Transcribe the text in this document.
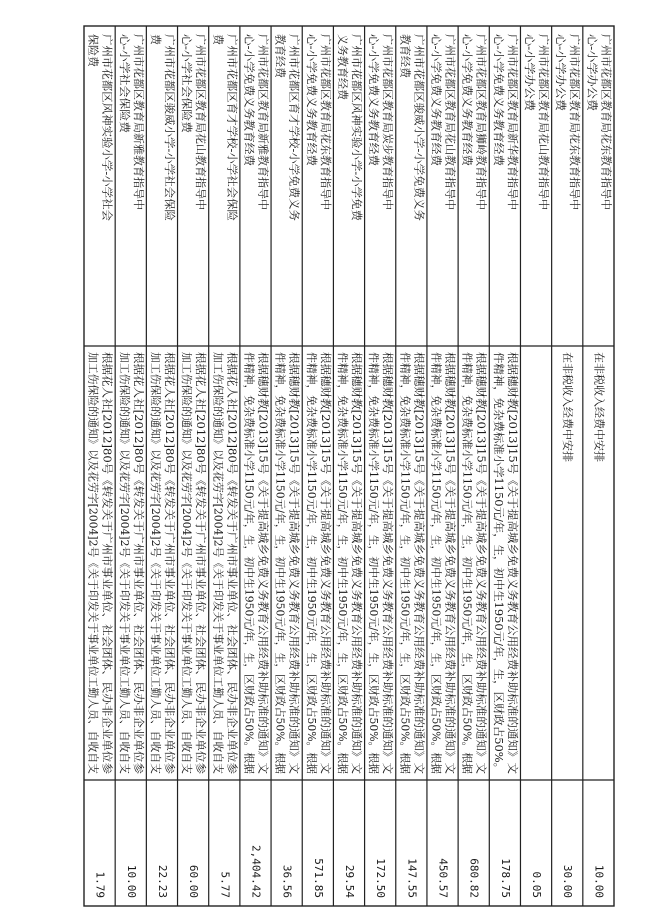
广州市花都区教育局花东教育指导中
心-小学办公费
在非税收入经费中安排
10.00
广州市花都区教育局花东教育指导中
心-小学办公费
在非税收入经费中安排
30.00
广州市花都区教育局花山教育指导中
心-小学办公费
0.05
广州市花都区教育局新华教育指导中
心-小学免费义务教育经费
根据穗财教[2013]15号《关于提高城乡免费义务教育公用经费补助标准的通知》文
件精神，免杂费标准小学1150元/年，生，初中生1950元/年，生，区财政占50%。
178.75
广州市花都区教育局狮岭教育指导中
心-小学免费义务教育经费
根据穗财教[2013]15号《关于提高城乡免费义务教育公用经费补助标准的通知》文
件精神，免杂费标准小学1150元/年，生，初中生1950元/年，生，区财政占50%。根据
680.82
广州市花都区教育局花山教育指导中
心-小学免费义务教育经费
根据穗财教[2013]15号《关于提高城乡免费义务教育公用经费补助标准的通知》文
件精神，免杂费标准小学1150元/年，生，初中生1950元/年，生，区财政占50%。根据
450.57
广州市花都区骏威小学-小学免费义务
教育经费
根据穗财教[2013]15号《关于提高城乡免费义务教育公用经费补助标准的通知》文
件精神，免杂费标准小学1150元/年，生，初中生1950元/年，生，区财政占50%。根据
147.55
广州市花都区教育局炭步教育指导中
心-小学免费义务教育经费
根据穗财教[2013]15号《关于提高城乡免费义务教育公用经费补助标准的通知》文
件精神，免杂费标准小学1150元/年，生，初中生1950元/年，生，区财政占50%。根据
172.50
广州市花都区风神实验小学-小学免费
义务教育经费
根据穗财教[2013]15号《关于提高城乡免费义务教育公用经费补助标准的通知》文
件精神，免杂费标准小学1150元/年，生，初中生1950元/年，生，区财政占50%。根据
29.54
广州市花都区教育局花东教育指导中
心-小学免费义务教育经费
根据穗财教[2013]15号《关于提高城乡免费义务教育公用经费补助标准的通知》文
件精神，免杂费标准小学1150元/年，生，初中生1950元/年，生，区财政占50%。根据
571.85
广州市花都区育才学校-小学免费义务
教育经费
根据穗财教[2013]15号《关于提高城乡免费义务教育公用经费补助标准的通知》文
件精神，免杂费标准小学1150元/年，生，初中生1950元/年，生，区财政占50%。根据
36.56
广州市花都区教育局新雅教育指导中
心-小学免费义务教育经费
根据穗财教[2013]15号《关于提高城乡免费义务教育公用经费补助标准的通知》文
件精神，免杂费标准小学1150元/年，生，初中生1950元/年，生，区财政占50%。根据
2,404.42
广州市花都区育才学校-小学社会保险
费
根据花人社[2012]80号《转发关于广州市事业单位、社会团体、民办非企业单位参
加工伤保险的通知》以及花劳字[2004]2号《关于印发关于事业单位工勤人员、自收自支
5.77
广州市花都区教育局花山教育指导中
心-小学社会保险费
根据花人社[2012]80号《转发关于广州市事业单位、社会团体、民办非企业单位参
加工伤保险的通知》以及花劳字[2004]2号《关于印发关于事业单位工勤人员、自收自支
60.00
广州市花都区骏威小学-小学社会保险
费
根据花人社[2012]80号《转发关于广州市事业单位、社会团体、民办非企业单位参
加工伤保险的通知》以及花劳字[2004]2号《关于印发关于事业单位工勤人员、自收自支
22.23
广州市花都区教育局新雅教育指导中
心-小学社会保险费
根据花人社[2012]80号《转发关于广州市事业单位、社会团体、民办非企业单位参
加工伤保险的通知》以及花劳字[2004]2号《关于印发关于事业单位工勤人员、自收自支
10.00
广州市花都区风神实验小学-小学社会
保险费
根据花人社[2012]80号《转发关于广州市事业单位、社会团体、民办非企业单位参
加工伤保险的通知》以及花劳字[2004]2号《关于印发关于事业单位工勤人员、自收自支
1.79
